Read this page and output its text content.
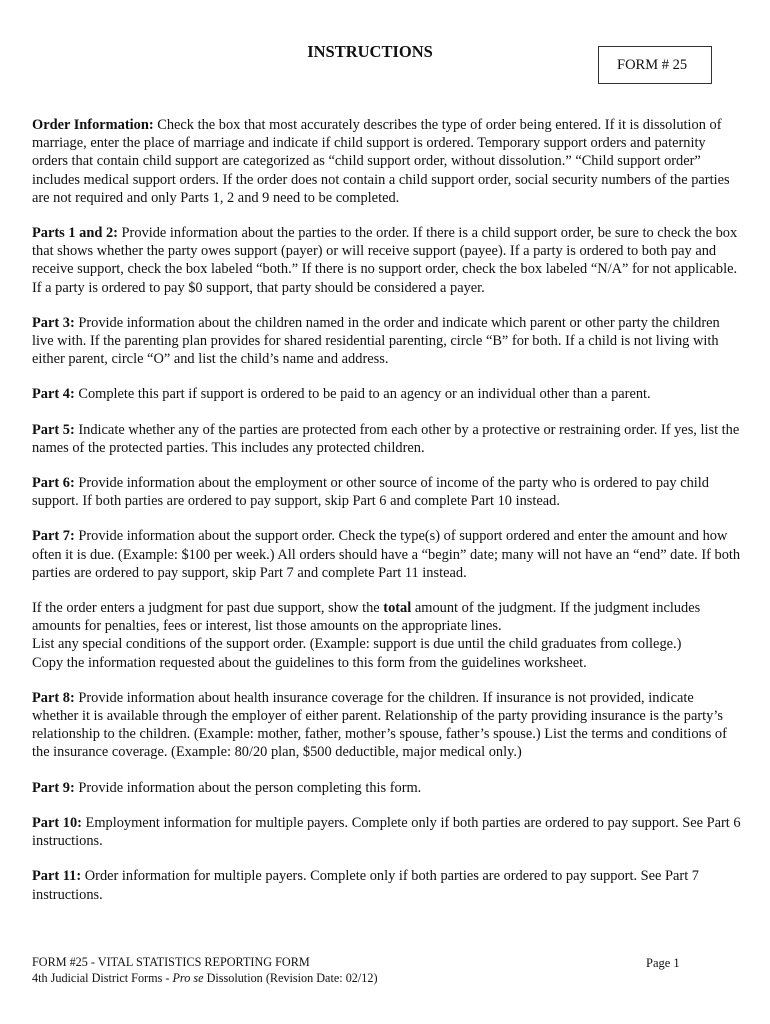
INSTRUCTIONS
FORM # 25

Order Information: Check the box that most accurately describes the type of order being entered. If it is dissolution of marriage, enter the place of marriage and indicate if child support is ordered. Temporary support orders and paternity orders that contain child support are categorized as “child support order, without dissolution.” “Child support order” includes medical support orders. If the order does not contain a child support order, social security numbers of the parties are not required and only Parts 1, 2 and 9 need to be completed.

Parts 1 and 2: Provide information about the parties to the order. If there is a child support order, be sure to check the box that shows whether the party owes support (payer) or will receive support (payee). If a party is ordered to both pay and receive support, check the box labeled “both.” If there is no support order, check the box labeled “N/A” for not applicable. If a party is ordered to pay $0 support, that party should be considered a payer.

Part 3: Provide information about the children named in the order and indicate which parent or other party the children live with. If the parenting plan provides for shared residential parenting, circle “B” for both. If a child is not living with either parent, circle “O” and list the child’s name and address.

Part 4: Complete this part if support is ordered to be paid to an agency or an individual other than a parent.

Part 5: Indicate whether any of the parties are protected from each other by a protective or restraining order. If yes, list the names of the protected parties. This includes any protected children.

Part 6: Provide information about the employment or other source of income of the party who is ordered to pay child support. If both parties are ordered to pay support, skip Part 6 and complete Part 10 instead.

Part 7: Provide information about the support order. Check the type(s) of support ordered and enter the amount and how often it is due. (Example: $100 per week.) All orders should have a “begin” date; many will not have an “end” date. If both parties are ordered to pay support, skip Part 7 and complete Part 11 instead.

If the order enters a judgment for past due support, show the total amount of the judgment. If the judgment includes amounts for penalties, fees or interest, list those amounts on the appropriate lines.
List any special conditions of the support order. (Example: support is due until the child graduates from college.)
Copy the information requested about the guidelines to this form from the guidelines worksheet.

Part 8: Provide information about health insurance coverage for the children. If insurance is not provided, indicate whether it is available through the employer of either parent. Relationship of the party providing insurance is the party’s relationship to the children. (Example: mother, father, mother’s spouse, father’s spouse.) List the terms and conditions of the insurance coverage. (Example: 80/20 plan, $500 deductible, major medical only.)

Part 9: Provide information about the person completing this form.

Part 10: Employment information for multiple payers. Complete only if both parties are ordered to pay support. See Part 6 instructions.

Part 11: Order information for multiple payers. Complete only if both parties are ordered to pay support. See Part 7 instructions.

FORM #25 - VITAL STATISTICS REPORTING FORM
4th Judicial District Forms - Pro se Dissolution (Revision Date: 02/12)
Page 1
